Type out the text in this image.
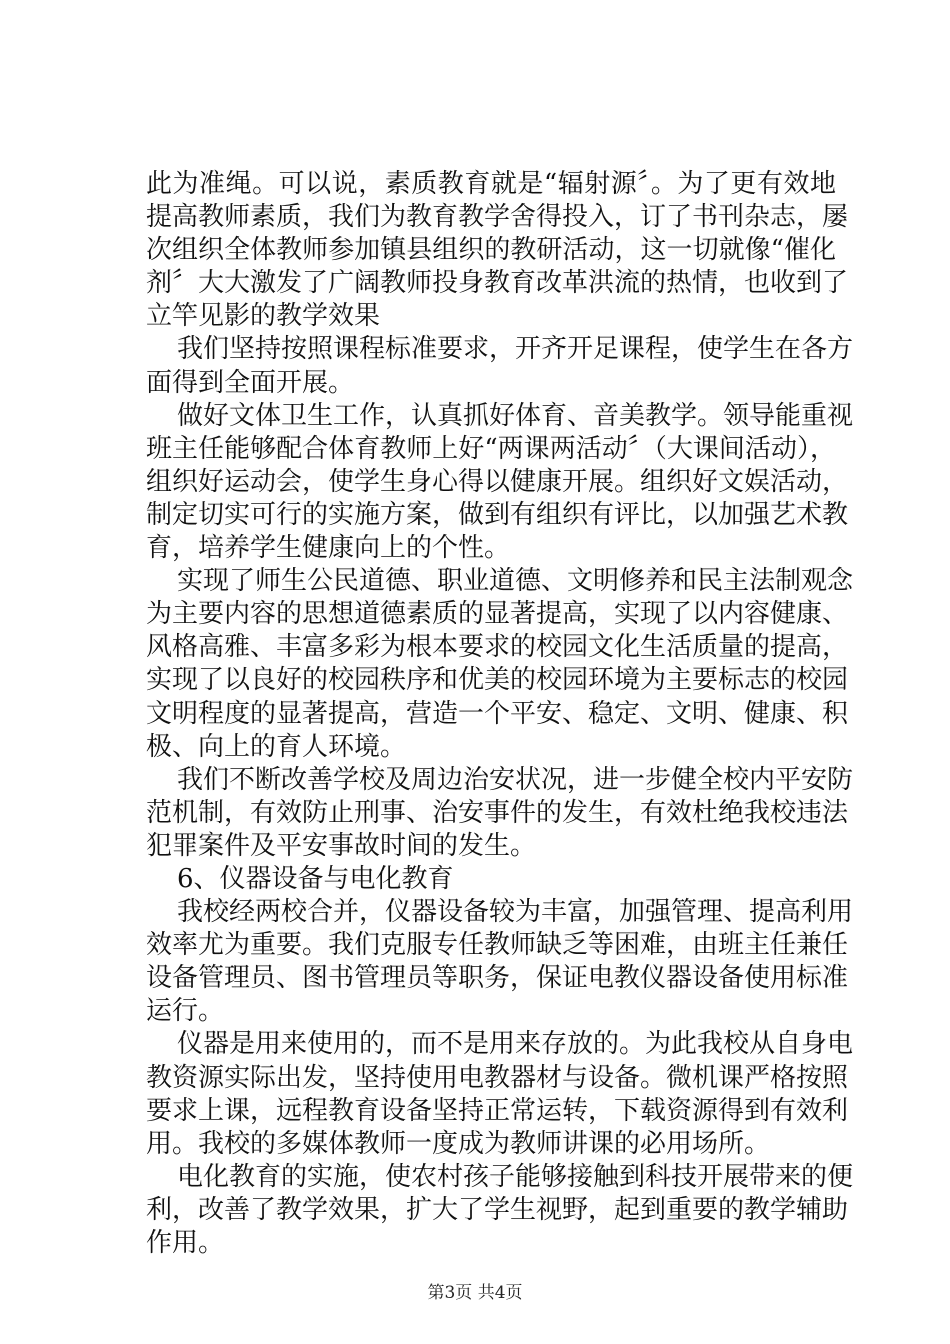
此为准绳。可以说，素质教育就是“辐射源〞。为了更有效地
提高教师素质，我们为教育教学舍得投入，订了书刊杂志，屡
次组织全体教师参加镇县组织的教研活动，这一切就像“催化
剂〞大大激发了广阔教师投身教育改革洪流的热情，也收到了
立竿见影的教学效果
我们坚持按照课程标准要求，开齐开足课程，使学生在各方
面得到全面开展。
做好文体卫生工作，认真抓好体育、音美教学。领导能重视
班主任能够配合体育教师上好“两课两活动〞（大课间活动），
组织好运动会，使学生身心得以健康开展。组织好文娱活动，
制定切实可行的实施方案，做到有组织有评比，以加强艺术教
育，培养学生健康向上的个性。
实现了师生公民道德、职业道德、文明修养和民主法制观念
为主要内容的思想道德素质的显著提高，实现了以内容健康、
风格高雅、丰富多彩为根本要求的校园文化生活质量的提高，
实现了以良好的校园秩序和优美的校园环境为主要标志的校园
文明程度的显著提高，营造一个平安、稳定、文明、健康、积
极、向上的育人环境。
我们不断改善学校及周边治安状况，进一步健全校内平安防
范机制，有效防止刑事、治安事件的发生，有效杜绝我校违法
犯罪案件及平安事故时间的发生。
6、仪器设备与电化教育
我校经两校合并，仪器设备较为丰富，加强管理、提高利用
效率尤为重要。我们克服专任教师缺乏等困难，由班主任兼任
设备管理员、图书管理员等职务，保证电教仪器设备使用标准
运行。
仪器是用来使用的，而不是用来存放的。为此我校从自身电
教资源实际出发，坚持使用电教器材与设备。微机课严格按照
要求上课，远程教育设备坚持正常运转，下载资源得到有效利
用。我校的多媒体教师一度成为教师讲课的必用场所。
电化教育的实施，使农村孩子能够接触到科技开展带来的便
利，改善了教学效果，扩大了学生视野，起到重要的教学辅助
作用。
第3页 共4页
